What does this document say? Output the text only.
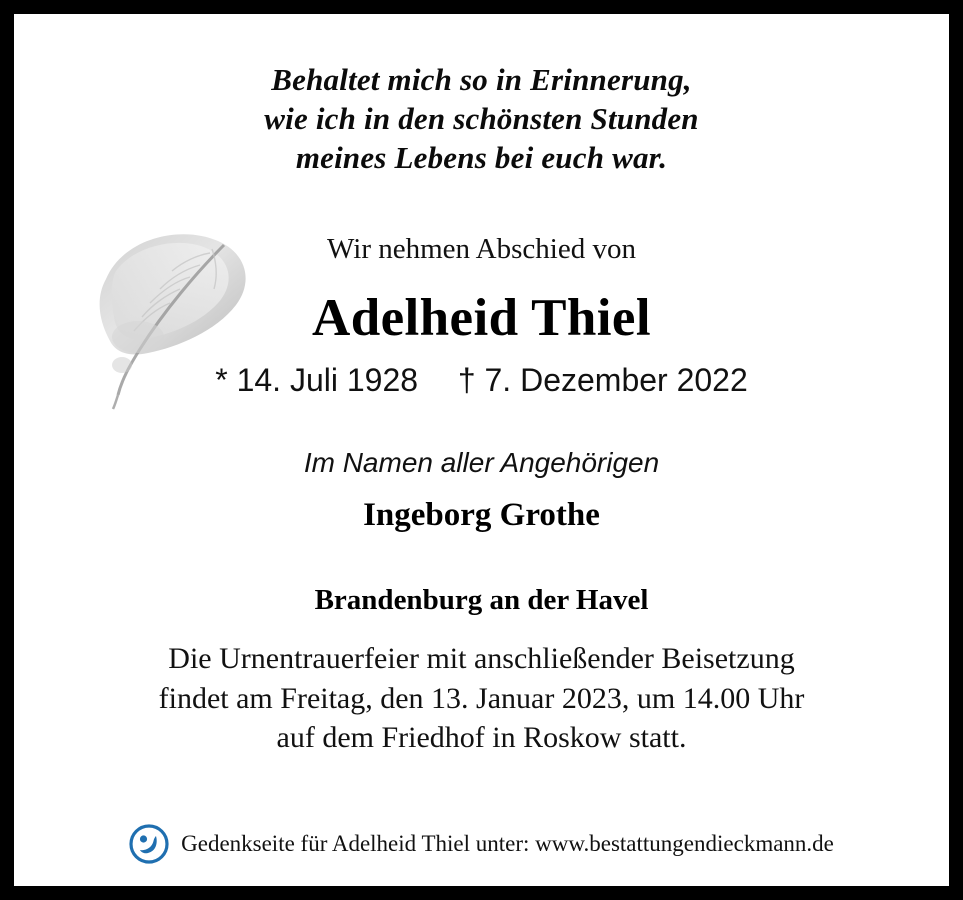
Behaltet mich so in Erinnerung,
wie ich in den schönsten Stunden
meines Lebens bei euch war.
Wir nehmen Abschied von
Adelheid Thiel
* 14. Juli 1928 † 7. Dezember 2022
Im Namen aller Angehörigen
Ingeborg Grothe
Brandenburg an der Havel
Die Urnentrauerfeier mit anschließender Beisetzung
findet am Freitag, den 13. Januar 2023, um 14.00 Uhr
auf dem Friedhof in Roskow statt.
Gedenkseite für Adelheid Thiel unter: www.bestattungendieckmann.de
